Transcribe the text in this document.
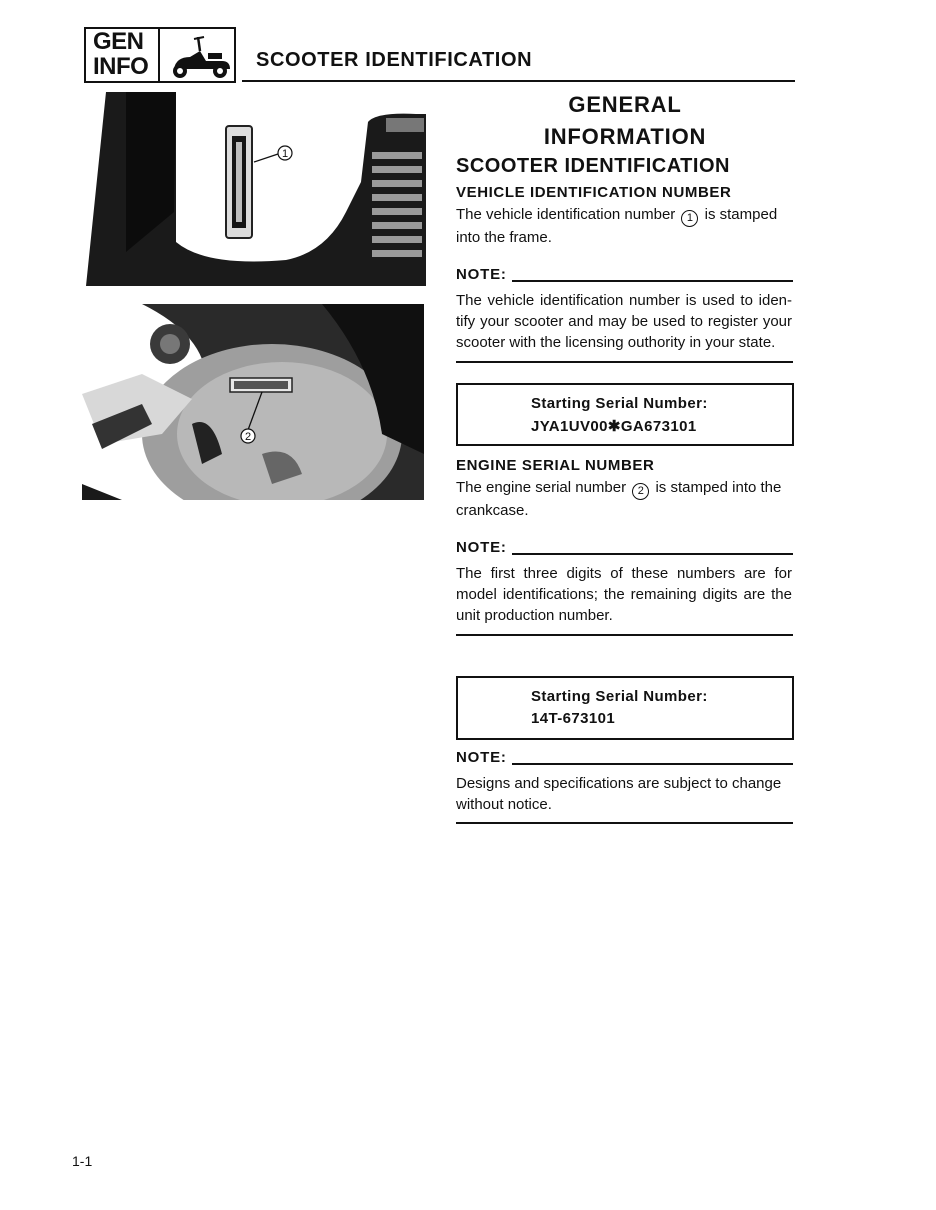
GEN
INFO	SCOOTER IDENTIFICATION
1
2
GENERAL
INFORMATION
SCOOTER IDENTIFICATION
VEHICLE IDENTIFICATION NUMBER
The vehicle identification number 1 is stamped
into the frame.
NOTE:
The vehicle identification number is used to iden- tify your scooter and may be used to register your scooter with the licensing outhority in your state.
Starting Serial Number:
JYA1UV00✱GA673101
ENGINE SERIAL NUMBER
The engine serial number 2 is stamped into the
crankcase.
NOTE:
The first three digits of these numbers are for model identifications; the remaining digits are the unit production number.
Starting Serial Number:
14T-673101
NOTE:
Designs and specifications are subject to change without notice.
1-1
